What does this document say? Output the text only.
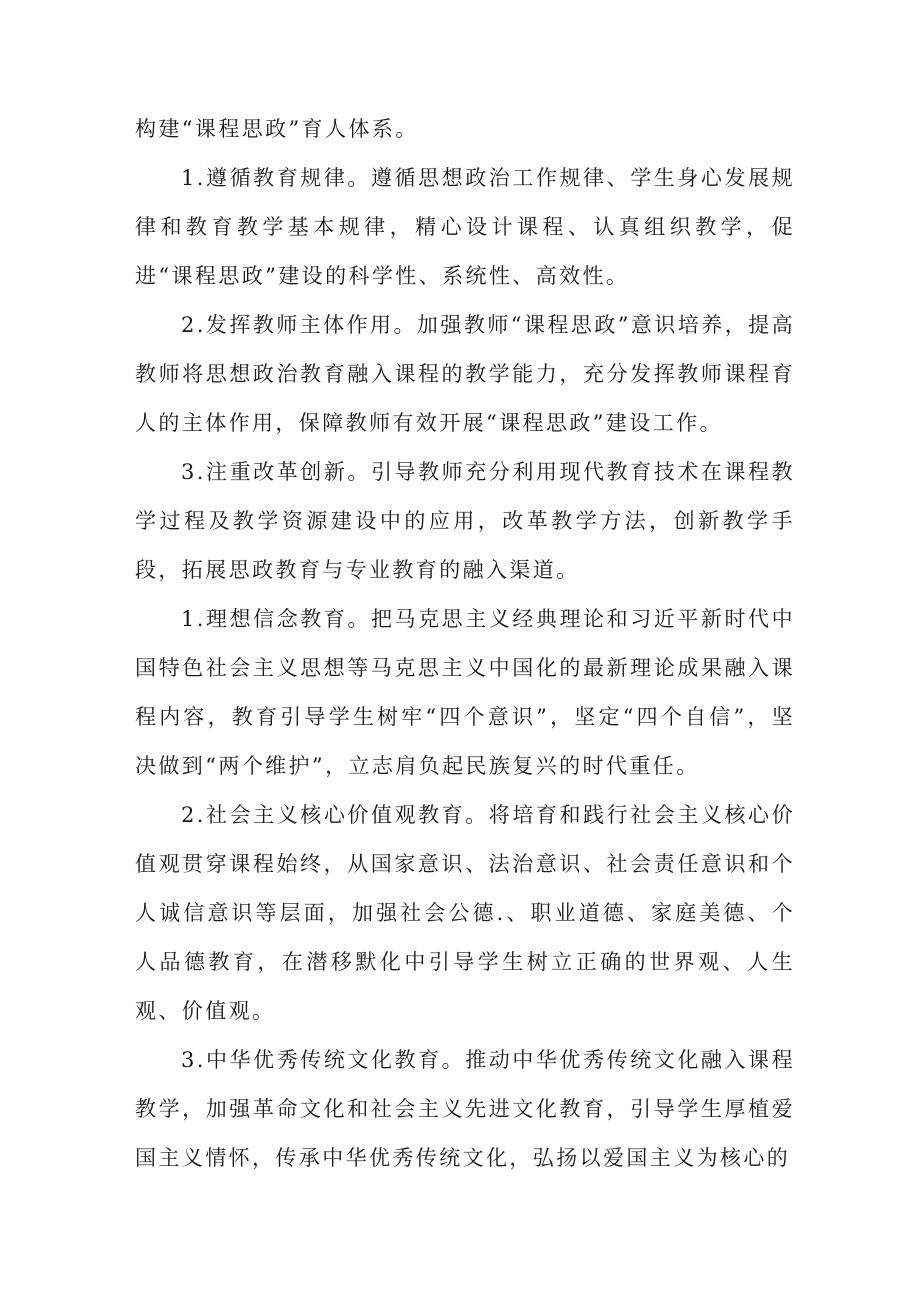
构建“课程思政”育人体系。

1.遵循教育规律。遵循思想政治工作规律、学生身心发展规律和教育教学基本规律，精心设计课程、认真组织教学，促进“课程思政”建设的科学性、系统性、高效性。

2.发挥教师主体作用。加强教师“课程思政”意识培养，提高教师将思想政治教育融入课程的教学能力，充分发挥教师课程育人的主体作用，保障教师有效开展“课程思政”建设工作。

3.注重改革创新。引导教师充分利用现代教育技术在课程教学过程及教学资源建设中的应用，改革教学方法，创新教学手段，拓展思政教育与专业教育的融入渠道。

1.理想信念教育。把马克思主义经典理论和习近平新时代中国特色社会主义思想等马克思主义中国化的最新理论成果融入课程内容，教育引导学生树牢“四个意识”，坚定“四个自信”，坚决做到“两个维护”，立志肩负起民族复兴的时代重任。

2.社会主义核心价值观教育。将培育和践行社会主义核心价值观贯穿课程始终，从国家意识、法治意识、社会责任意识和个人诚信意识等层面，加强社会公德.、职业道德、家庭美德、个人品德教育，在潜移默化中引导学生树立正确的世界观、人生观、价值观。

3.中华优秀传统文化教育。推动中华优秀传统文化融入课程教学，加强革命文化和社会主义先进文化教育，引导学生厚植爱国主义情怀，传承中华优秀传统文化，弘扬以爱国主义为核心的
